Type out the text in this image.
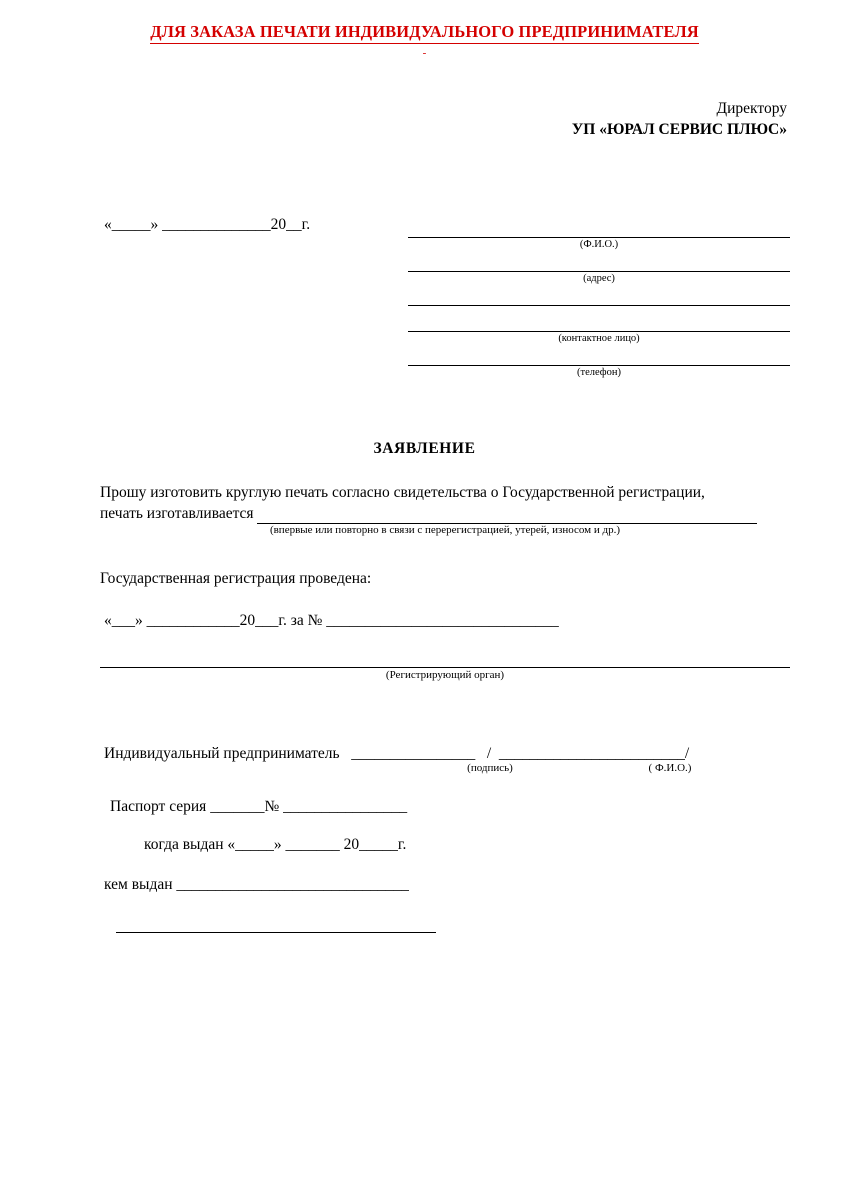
ДЛЯ ЗАКАЗА ПЕЧАТИ ИНДИВИДУАЛЬНОГО ПРЕДПРИНИМАТЕЛЯ
-
Директору
УП «ЮРАЛ СЕРВИС ПЛЮС»
«_____» ______________20__г.
(Ф.И.О.)
(адрес)
(контактное лицо)
(телефон)
ЗАЯВЛЕНИЕ
Прошу изготовить круглую печать согласно свидетельства о Государственной регистрации,
печать изготавливается
(впервые или повторно в связи с перерегистрацией, утерей, износом и др.)
Государственная регистрация проведена:
«___» ____________20___г. за № ______________________________
(Регистрирующий орган)
Индивидуальный предприниматель ________________ / ________________________/
(подпись)	( Ф.И.О.)
Паспорт серия _______№ ________________
когда выдан «_____» _______ 20_____г.
кем выдан ______________________________
